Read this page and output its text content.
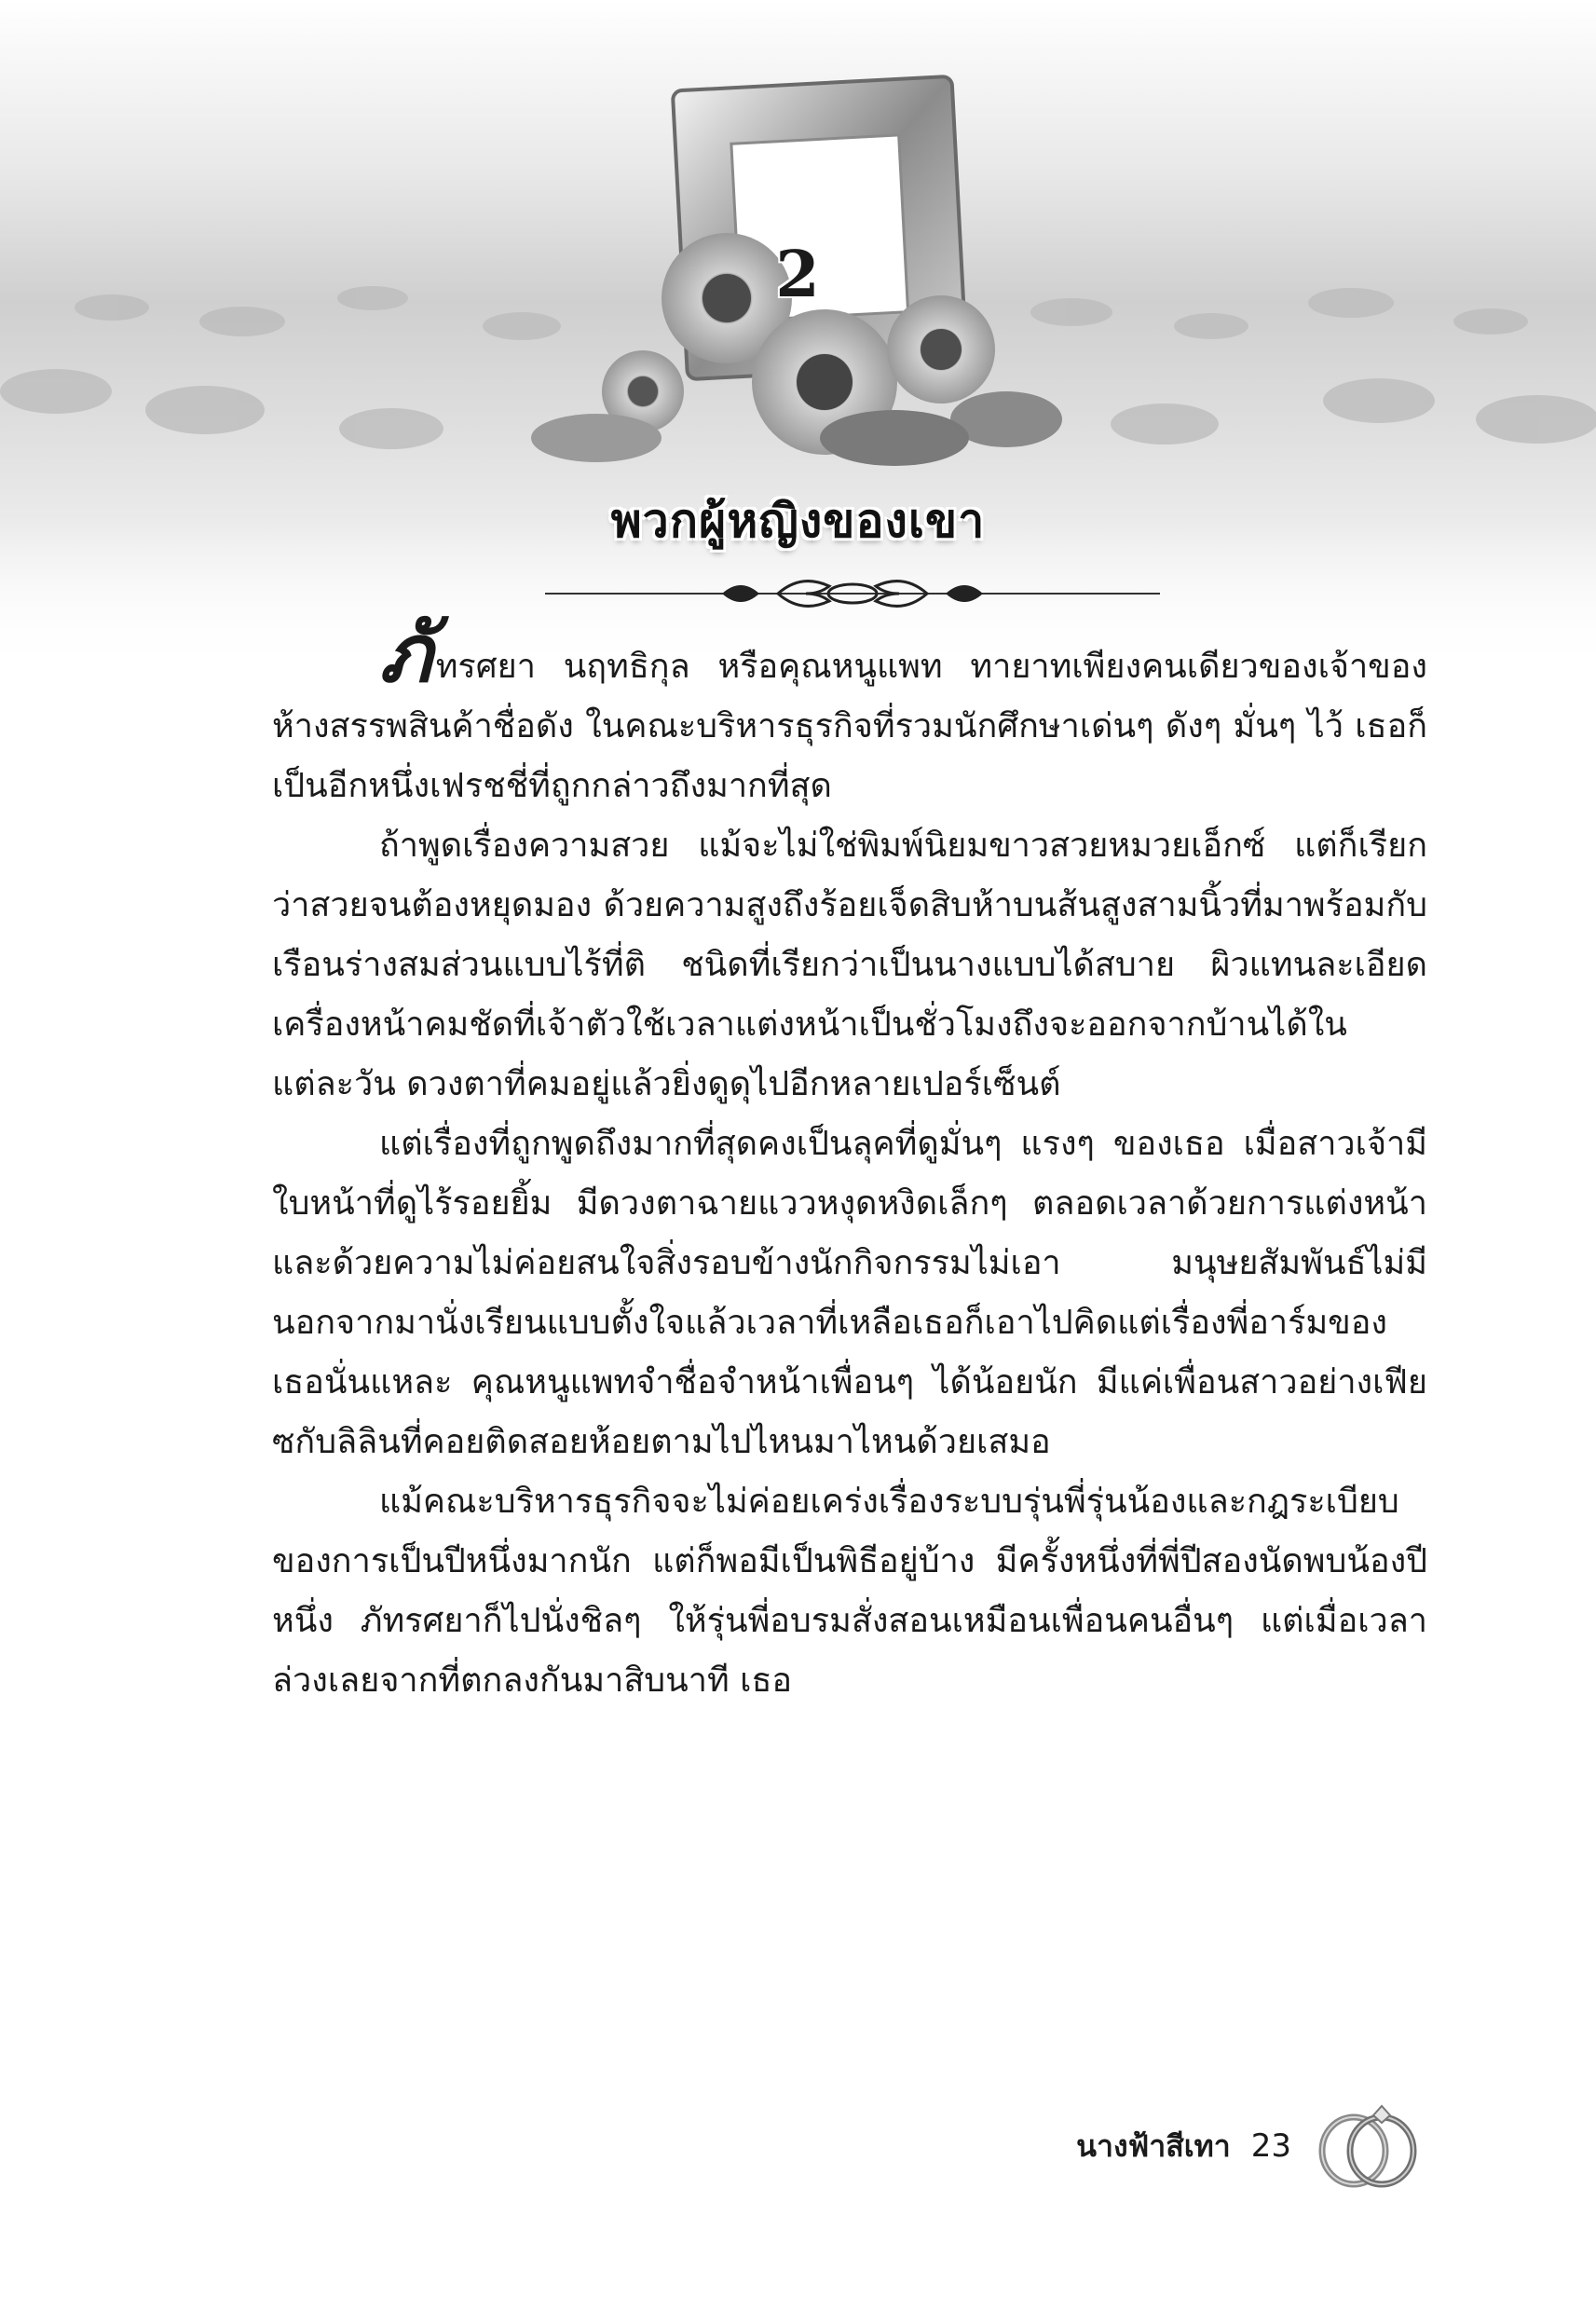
2
พวกผู้หญิงของเขา

ภัทรศยา นฤทธิกุล หรือคุณหนูแพท ทายาทเพียงคนเดียวของเจ้าของห้างสรรพสินค้าชื่อดัง ในคณะบริหารธุรกิจที่รวมนักศึกษาเด่นๆ ดังๆ มั่นๆ ไว้ เธอก็เป็นอีกหนึ่งเฟรชชี่ที่ถูกกล่าวถึงมากที่สุด

ถ้าพูดเรื่องความสวย แม้จะไม่ใช่พิมพ์นิยมขาวสวยหมวยเอ็กซ์ แต่ก็เรียกว่าสวยจนต้องหยุดมอง ด้วยความสูงถึงร้อยเจ็ดสิบห้าบนส้นสูงสามนิ้วที่มาพร้อมกับเรือนร่างสมส่วนแบบไร้ที่ติ ชนิดที่เรียกว่าเป็นนางแบบได้สบาย ผิวแทนละเอียด เครื่องหน้าคมชัดที่เจ้าตัวใช้เวลาแต่งหน้าเป็นชั่วโมงถึงจะออกจากบ้านได้ในแต่ละวัน ดวงตาที่คมอยู่แล้วยิ่งดูดุไปอีกหลายเปอร์เซ็นต์

แต่เรื่องที่ถูกพูดถึงมากที่สุดคงเป็นลุคที่ดูมั่นๆ แรงๆ ของเธอ เมื่อสาวเจ้ามีใบหน้าที่ดูไร้รอยยิ้ม มีดวงตาฉายแววหงุดหงิดเล็กๆ ตลอดเวลาด้วยการแต่งหน้า และด้วยความไม่ค่อยสนใจสิ่งรอบข้างนักกิจกรรมไม่เอา มนุษยสัมพันธ์ไม่มี นอกจากมานั่งเรียนแบบตั้งใจแล้วเวลาที่เหลือเธอก็เอาไปคิดแต่เรื่องพี่อาร์มของเธอนั่นแหละ คุณหนูแพทจำชื่อจำหน้าเพื่อนๆ ได้น้อยนัก มีแค่เพื่อนสาวอย่างเฟียซกับลิลินที่คอยติดสอยห้อยตามไปไหนมาไหนด้วยเสมอ

แม้คณะบริหารธุรกิจจะไม่ค่อยเคร่งเรื่องระบบรุ่นพี่รุ่นน้องและกฎระเบียบของการเป็นปีหนึ่งมากนัก แต่ก็พอมีเป็นพิธีอยู่บ้าง มีครั้งหนึ่งที่พี่ปีสองนัดพบน้องปีหนึ่ง ภัทรศยาก็ไปนั่งชิลๆ ให้รุ่นพี่อบรมสั่งสอนเหมือนเพื่อนคนอื่นๆ แต่เมื่อเวลาล่วงเลยจากที่ตกลงกันมาสิบนาที เธอ

นางฟ้าสีเทา 23
